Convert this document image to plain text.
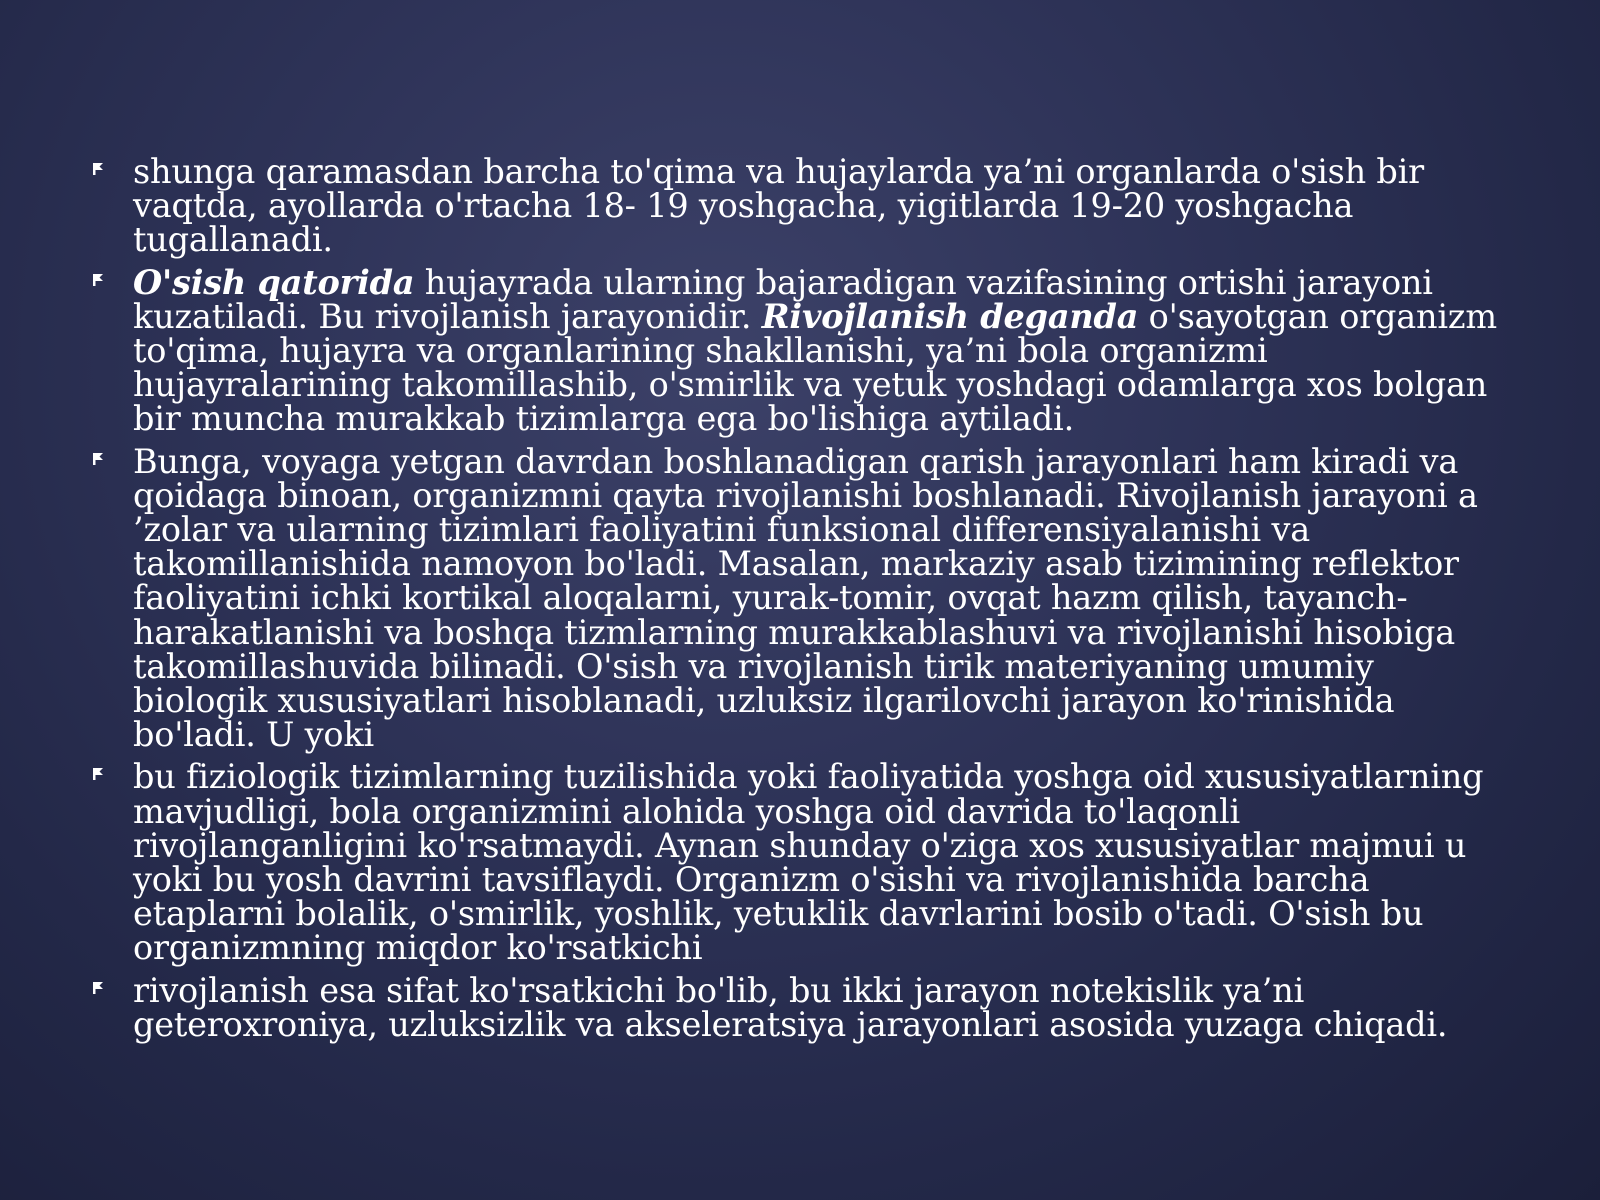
shunga qaramasdan barcha to'qima va hujaylarda ya’ni organlarda o'sish bir vaqtda, ayollarda o'rtacha 18- 19 yoshgacha, yigitlarda 19-20 yoshgacha tugallanadi.
O'sish qatorida hujayrada ularning bajaradigan vazifasining ortishi jarayoni kuzatiladi. Bu rivojlanish jarayonidir. Rivojlanish deganda o'sayotgan organizm to'qima, hujayra va organlarining shakllanishi, ya’ni bola organizmi hujayralarining takomillashib, o'smirlik va yetuk yoshdagi odamlarga xos bolgan bir muncha murakkab tizimlarga ega bo'lishiga aytiladi.
Bunga, voyaga yetgan davrdan boshlanadigan qarish jarayonlari ham kiradi va qoidaga binoan, organizmni qayta rivojlanishi boshlanadi. Rivojlanish jarayoni a ’zolar va ularning tizimlari faoliyatini funksional differensiyalanishi va takomillanishida namoyon bo'ladi. Masalan, markaziy asab tizimining reflektor faoliyatini ichki kortikal aloqalarni, yurak-tomir, ovqat hazm qilish, tayanch-harakatlanishi va boshqa tizmlarning murakkablashuvi va rivojlanishi hisobiga takomillashuvida bilinadi. O'sish va rivojlanish tirik materiyaning umumiy biologik xususiyatlari hisoblanadi, uzluksiz ilgarilovchi jarayon ko'rinishida bo'ladi. U yoki
bu fiziologik tizimlarning tuzilishida yoki faoliyatida yoshga oid xususiyatlarning mavjudligi, bola organizmini alohida yoshga oid davrida to'laqonli rivojlanganligini ko'rsatmaydi. Aynan shunday o'ziga xos xususiyatlar majmui u yoki bu yosh davrini tavsiflaydi. Organizm o'sishi va rivojlanishida barcha etaplarni bolalik, o'smirlik, yoshlik, yetuklik davrlarini bosib o'tadi. O'sish bu organizmning miqdor ko'rsatkichi
rivojlanish esa sifat ko'rsatkichi bo'lib, bu ikki jarayon notekislik ya’ni geteroxroniya, uzluksizlik va akseleratsiya jarayonlari asosida yuzaga chiqadi.
